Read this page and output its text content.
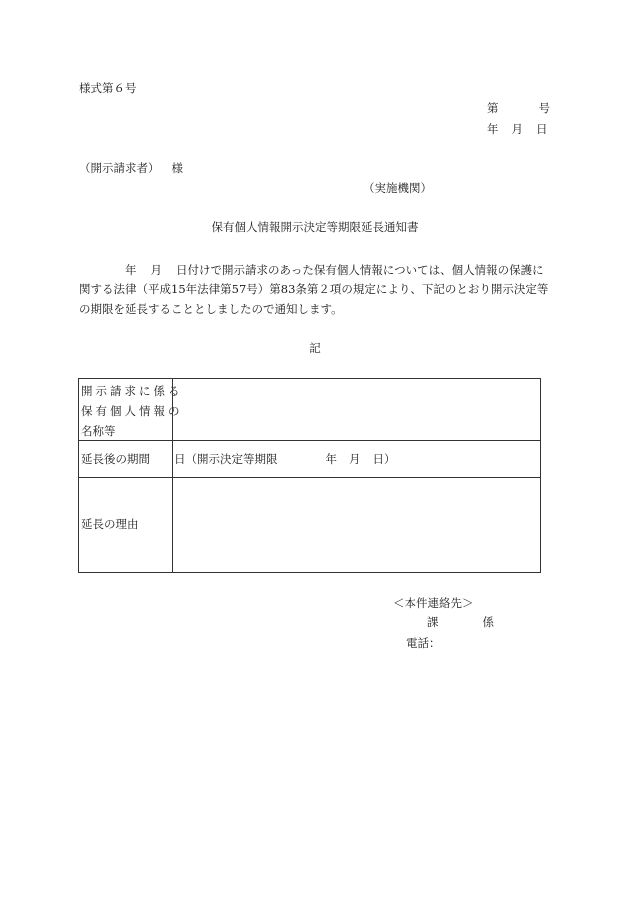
様式第６号
第	号
年 月 日
（開示請求者） 様
（実施機関）
保有個人情報開示決定等期限延長通知書
年 月 日付けで開示請求のあった保有個人情報については、個人情報の保護に
関する法律（平成15年法律第57号）第83条第２項の規定により、下記のとおり開示決定等
の期限を延長することとしましたので通知します。
記
開示請求に係る
保有個人情報の
名称等
延長後の期間 日（開示決定等期限	年 月 日）
延長の理由
＜本件連絡先＞
課	係
電話：
